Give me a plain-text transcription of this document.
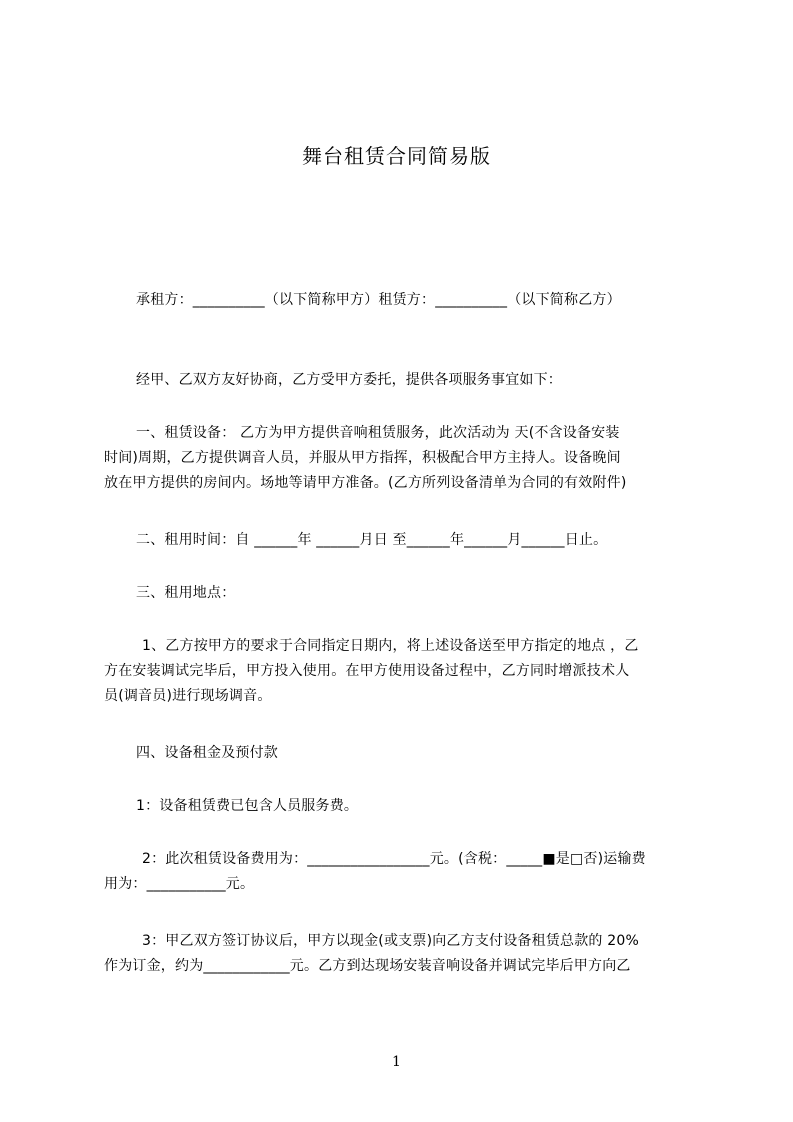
舞台租赁合同简易版
承租方：__________（以下简称甲方）租赁方：__________（以下简称乙方）
经甲、乙双方友好协商，乙方受甲方委托，提供各项服务事宜如下：
一、租赁设备： 乙方为甲方提供音响租赁服务，此次活动为 天(不含设备安装
时间)周期，乙方提供调音人员，并服从甲方指挥，积极配合甲方主持人。设备晚间
放在甲方提供的房间内。场地等请甲方准备。(乙方所列设备清单为合同的有效附件)
二、租用时间：自 ______年 ______月日 至______年______月______日止。
三、租用地点：
1、乙方按甲方的要求于合同指定日期内，将上述设备送至甲方指定的地点 ，乙
方在安装调试完毕后，甲方投入使用。在甲方使用设备过程中，乙方同时增派技术人
员(调音员)进行现场调音。
四、设备租金及预付款
1：设备租赁费已包含人员服务费。
2：此次租赁设备费用为：_________________元。(含税：_____■是□否)运输费
用为：___________元。
3：甲乙双方签订协议后，甲方以现金(或支票)向乙方支付设备租赁总款的 20%
作为订金，约为____________元。乙方到达现场安装音响设备并调试完毕后甲方向乙
1
